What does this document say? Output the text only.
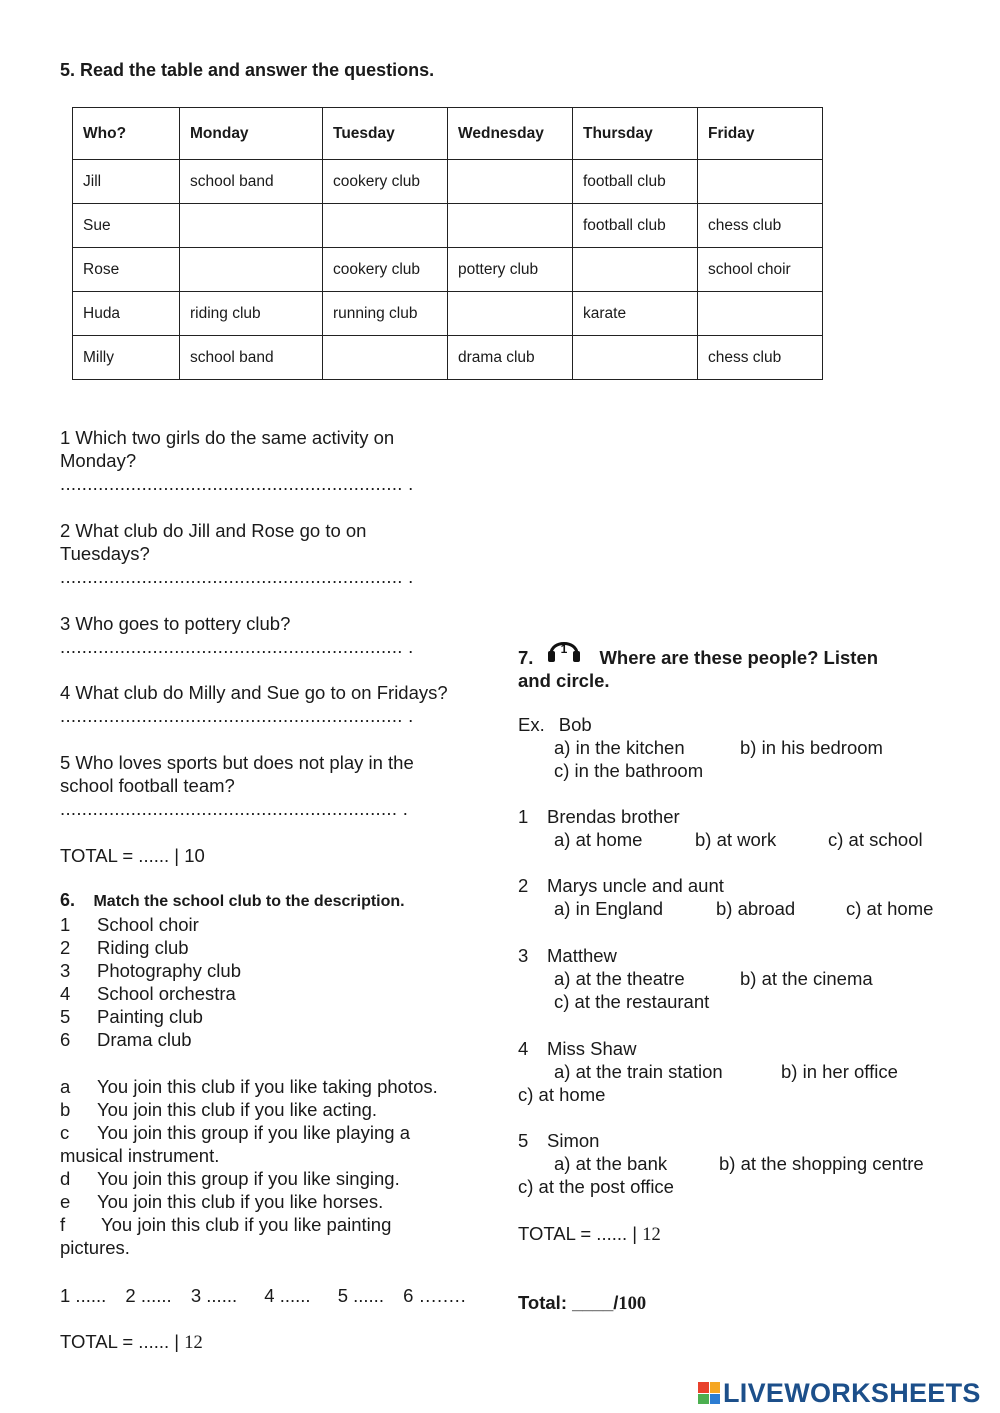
5. Read the table and answer the questions.
Who?	Monday	Tuesday	Wednesday	Thursday	Friday
Jill	school band	cookery club		football club	
Sue				football club	chess club
Rose		cookery club	pottery club		school choir
Huda	riding club	running club		karate	
Milly	school band		drama club		chess club
1 Which two girls do the same activity on
Monday?
............................................................... .
2 What club do Jill and Rose go to on
Tuesdays?
............................................................... .
3 Who goes to pottery club?
............................................................... .
4 What club do Milly and Sue go to on Fridays?
............................................................... .
5 Who loves sports but does not play in the
school football team?
.............................................................. .
TOTAL = ...... | 10
6. Match the school club to the description.
1 School choir
2 Riding club
3 Photography club
4 School orchestra
5 Painting club
6 Drama club
a You join this club if you like taking photos.
b You join this club if you like acting.
c You join this group if you like playing a
musical instrument.
d You join this group if you like singing.
e You join this club if you like horses.
f You join this club if you like painting
pictures.
1 ...... 2 ...... 3 ...... 4 ...... 5 ...... 6 ….….
TOTAL = ...... | 12
7. 1 Where are these people? Listen
and circle.
Ex. Bob
a) in the kitchen	b) in his bedroom
c) in the bathroom
1 Brendas brother
a) at home	b) at work	c) at school
2 Marys uncle and aunt
a) in England	b) abroad	c) at home
3 Matthew
a) at the theatre	b) at the cinema
c) at the restaurant
4 Miss Shaw
a) at the train station	b) in her office
c) at home
5 Simon
a) at the bank	b) at the shopping centre
c) at the post office
TOTAL = ...... | 12
Total: ____/100
LIVEWORKSHEETS
